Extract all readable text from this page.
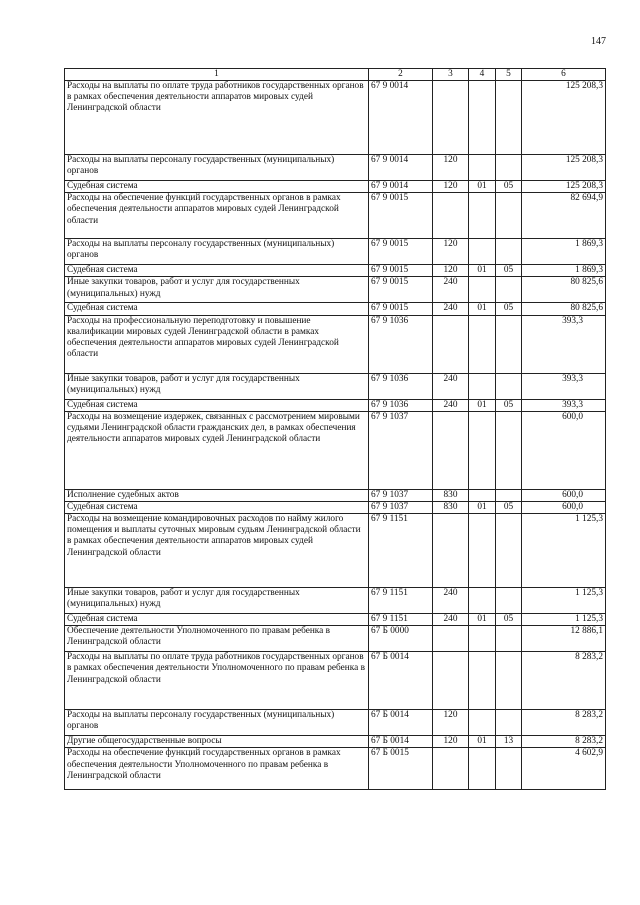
147
1	2	3	4	5	6
Расходы на выплаты по оплате труда работников государственных органов в рамках обеспечения деятельности аппаратов мировых судей Ленинградской области	67 9 0014				125 208,3
Расходы на выплаты персоналу государственных (муниципальных) органов	67 9 0014	120			125 208,3
Судебная система	67 9 0014	120	01	05	125 208,3
Расходы на обеспечение функций государственных органов в рамках обеспечения деятельности аппаратов мировых судей Ленинградской области	67 9 0015				82 694,9
Расходы на выплаты персоналу государственных (муниципальных) органов	67 9 0015	120			1 869,3
Судебная система	67 9 0015	120	01	05	1 869,3
Иные закупки товаров, работ и услуг для государственных (муниципальных) нужд	67 9 0015	240			80 825,6
Судебная система	67 9 0015	240	01	05	80 825,6
Расходы на профессиональную переподготовку и повышение квалификации мировых судей Ленинградской области в рамках обеспечения деятельности аппаратов мировых судей Ленинградской области	67 9 1036				393,3
Иные закупки товаров, работ и услуг для государственных (муниципальных) нужд	67 9 1036	240			393,3
Судебная система	67 9 1036	240	01	05	393,3
Расходы на возмещение издержек, связанных с рассмотрением мировыми судьями Ленинградской области гражданских дел, в рамках обеспечения деятельности аппаратов мировых судей Ленинградской области	67 9 1037				600,0
Исполнение судебных актов	67 9 1037	830			600,0
Судебная система	67 9 1037	830	01	05	600,0
Расходы на возмещение командировочных расходов по найму жилого помещения и выплаты суточных мировым судьям Ленинградской области в рамках обеспечения деятельности аппаратов мировых судей Ленинградской области	67 9 1151				1 125,3
Иные закупки товаров, работ и услуг для государственных (муниципальных) нужд	67 9 1151	240			1 125,3
Судебная система	67 9 1151	240	01	05	1 125,3
Обеспечение деятельности Уполномоченного по правам ребенка в Ленинградской области	67 Б 0000				12 886,1
Расходы на выплаты по оплате труда работников государственных органов в рамках обеспечения деятельности Уполномоченного по правам ребенка в Ленинградской области	67 Б 0014				8 283,2
Расходы на выплаты персоналу государственных (муниципальных) органов	67 Б 0014	120			8 283,2
Другие общегосударственные вопросы	67 Б 0014	120	01	13	8 283,2
Расходы на обеспечение функций государственных органов в рамках обеспечения деятельности Уполномоченного по правам ребенка в Ленинградской области	67 Б 0015				4 602,9
